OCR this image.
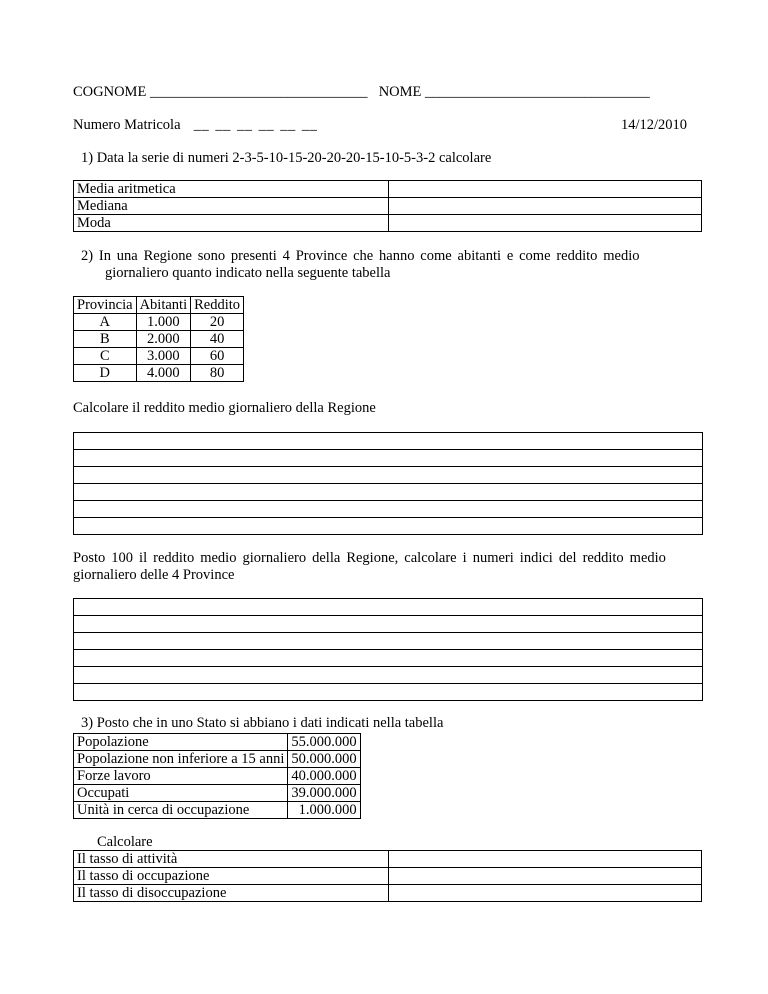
COGNOME ______________________________ NOME _______________________________
Numero Matricola __ __ __ __ __ __	14/12/2010
1) Data la serie di numeri 2-3-5-10-15-20-20-20-15-10-5-3-2 calcolare
Media aritmetica	
Mediana	
Moda	
2) In una Regione sono presenti 4 Province che hanno come abitanti e come reddito medio
giornaliero quanto indicato nella seguente tabella
Provincia	Abitanti	Reddito
A	1.000	20
B	2.000	40
C	3.000	60
D	4.000	80
Calcolare il reddito medio giornaliero della Regione
Posto 100 il reddito medio giornaliero della Regione, calcolare i numeri indici del reddito medio
giornaliero delle 4 Province
3) Posto che in uno Stato si abbiano i dati indicati nella tabella
Popolazione	55.000.000
Popolazione non inferiore a 15 anni	50.000.000
Forze lavoro	40.000.000
Occupati	39.000.000
Unità in cerca di occupazione	1.000.000
Calcolare
Il tasso di attività	
Il tasso di occupazione	
Il tasso di disoccupazione	
